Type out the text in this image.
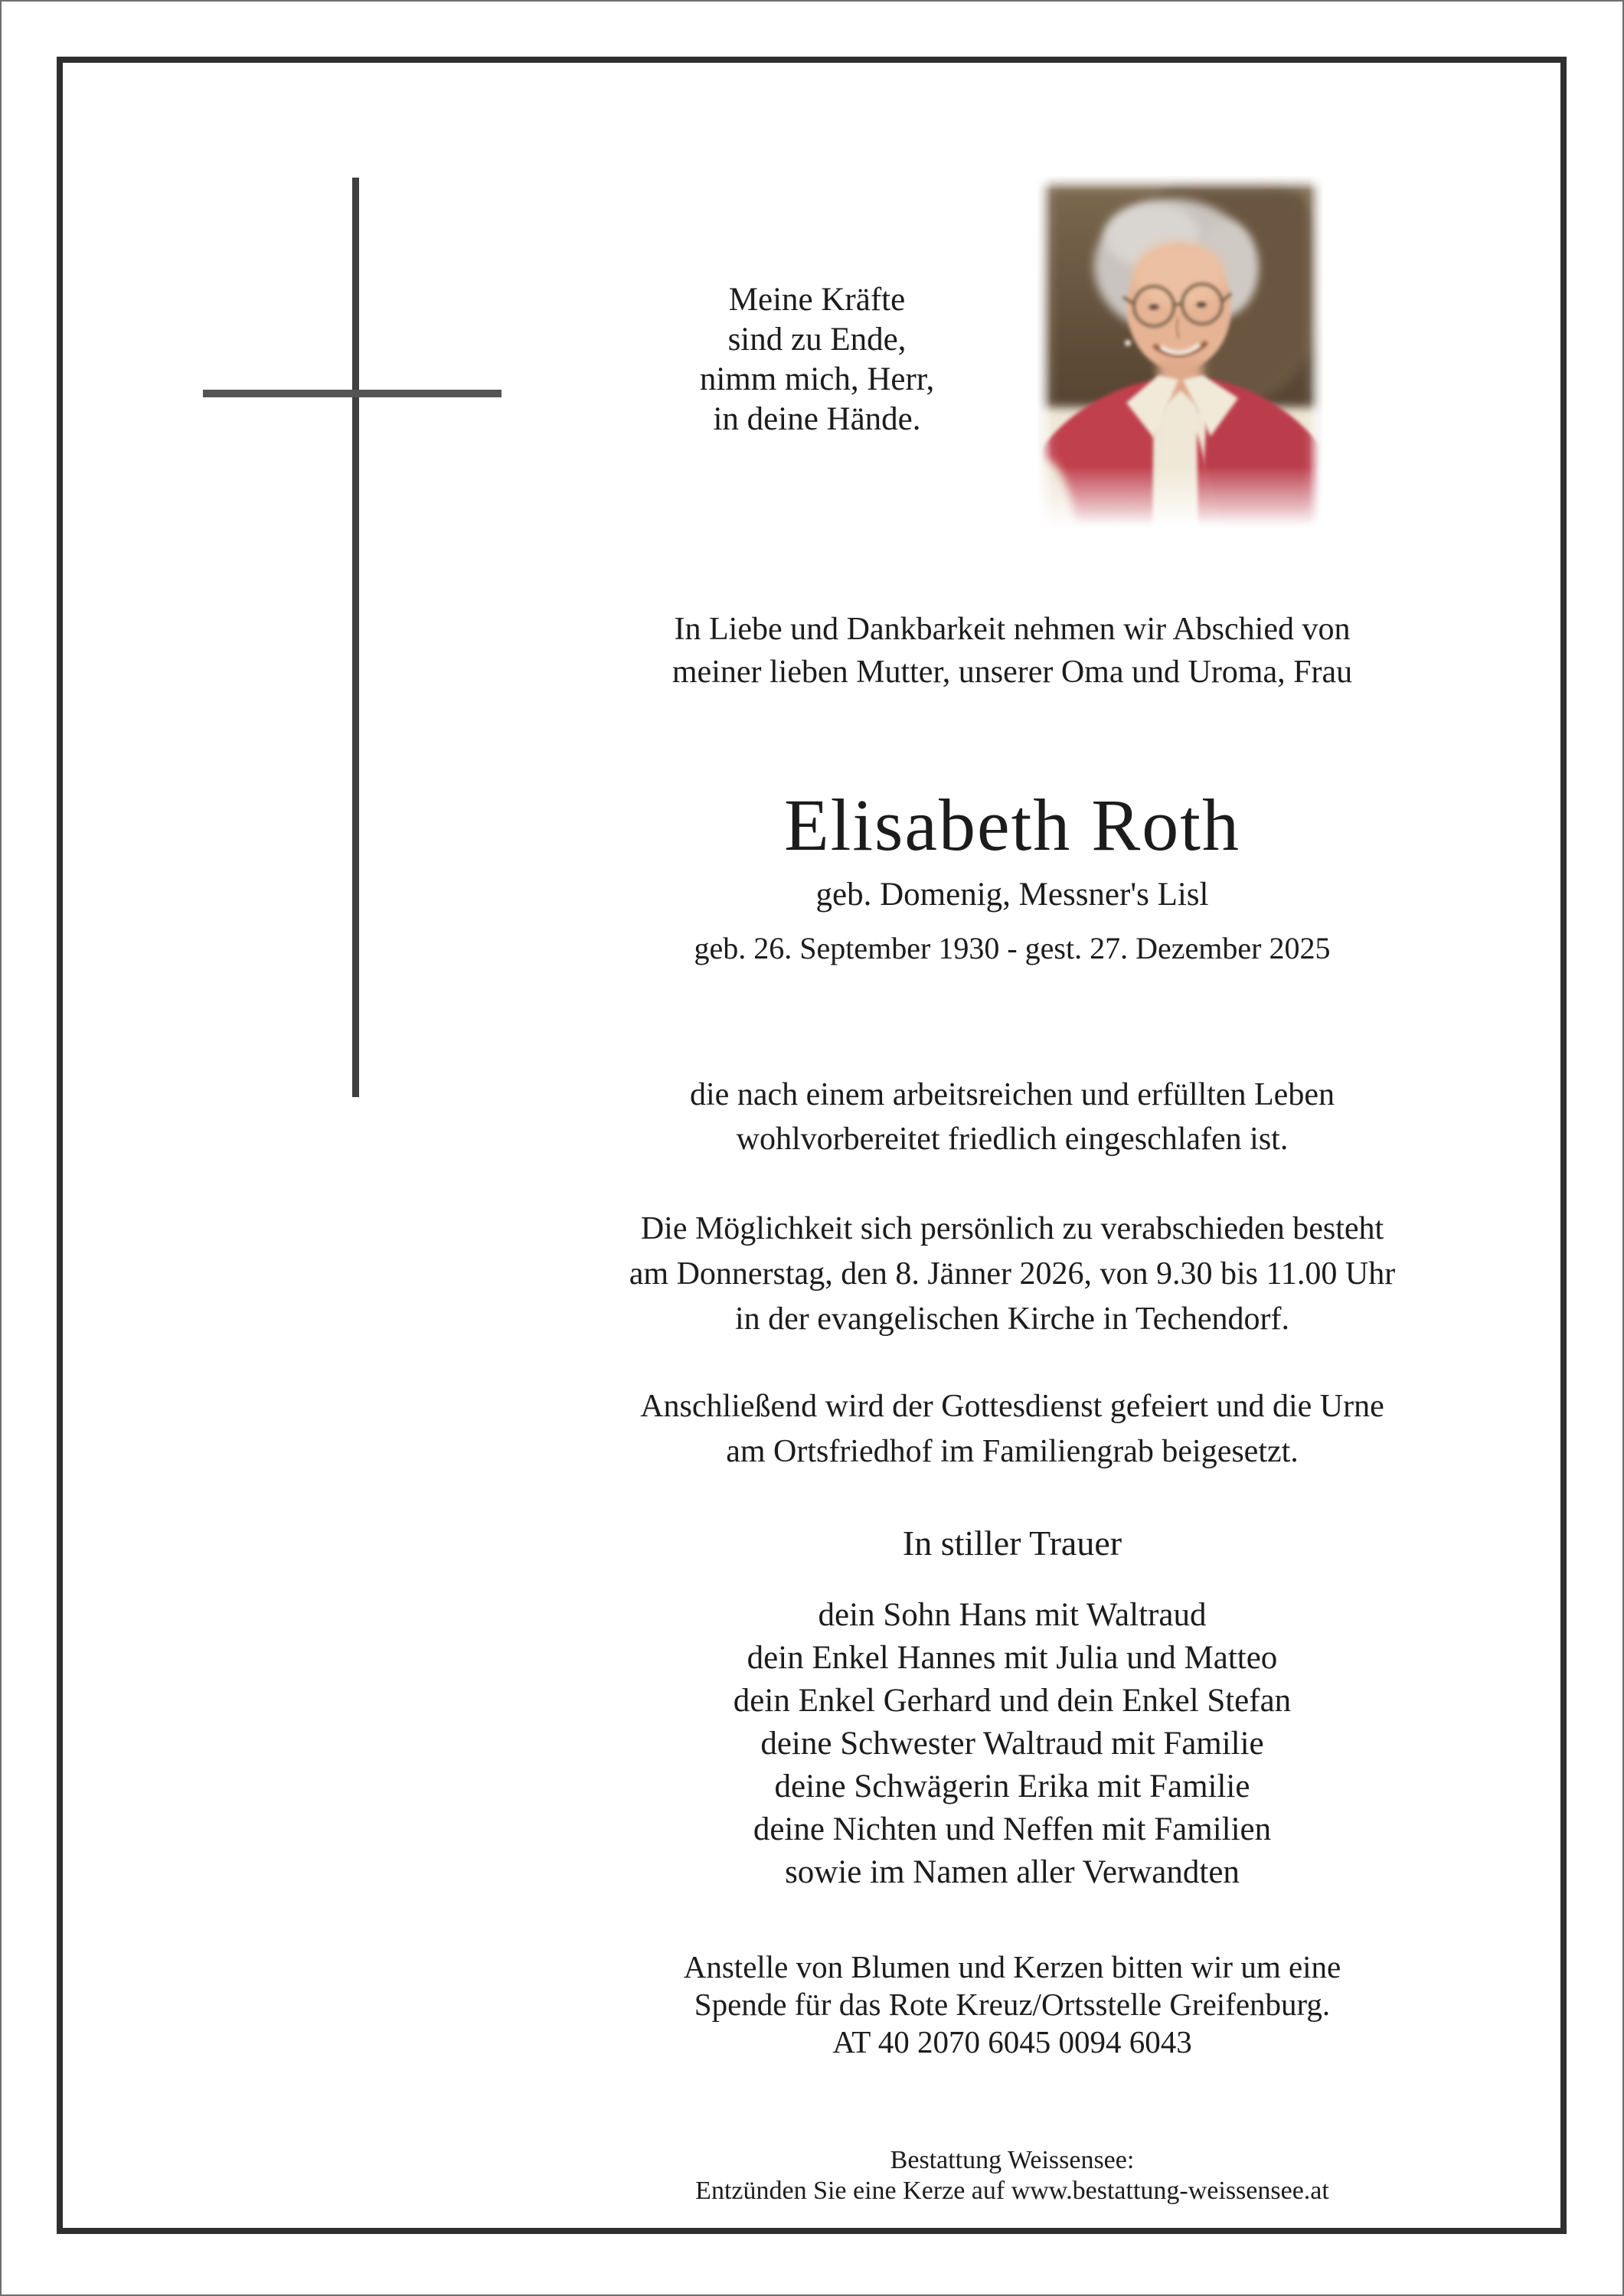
Meine Kräfte
sind zu Ende,
nimm mich, Herr,
in deine Hände.
In Liebe und Dankbarkeit nehmen wir Abschied von
meiner lieben Mutter, unserer Oma und Uroma, Frau
Elisabeth Roth
geb. Domenig, Messner's Lisl
geb. 26. September 1930 - gest. 27. Dezember 2025
die nach einem arbeitsreichen und erfüllten Leben
wohlvorbereitet friedlich eingeschlafen ist.
Die Möglichkeit sich persönlich zu verabschieden besteht
am Donnerstag, den 8. Jänner 2026, von 9.30 bis 11.00 Uhr
in der evangelischen Kirche in Techendorf.
Anschließend wird der Gottesdienst gefeiert und die Urne
am Ortsfriedhof im Familiengrab beigesetzt.
In stiller Trauer
dein Sohn Hans mit Waltraud
dein Enkel Hannes mit Julia und Matteo
dein Enkel Gerhard und dein Enkel Stefan
deine Schwester Waltraud mit Familie
deine Schwägerin Erika mit Familie
deine Nichten und Neffen mit Familien
sowie im Namen aller Verwandten
Anstelle von Blumen und Kerzen bitten wir um eine
Spende für das Rote Kreuz/Ortsstelle Greifenburg.
AT 40 2070 6045 0094 6043
Bestattung Weissensee:
Entzünden Sie eine Kerze auf www.bestattung-weissensee.at
